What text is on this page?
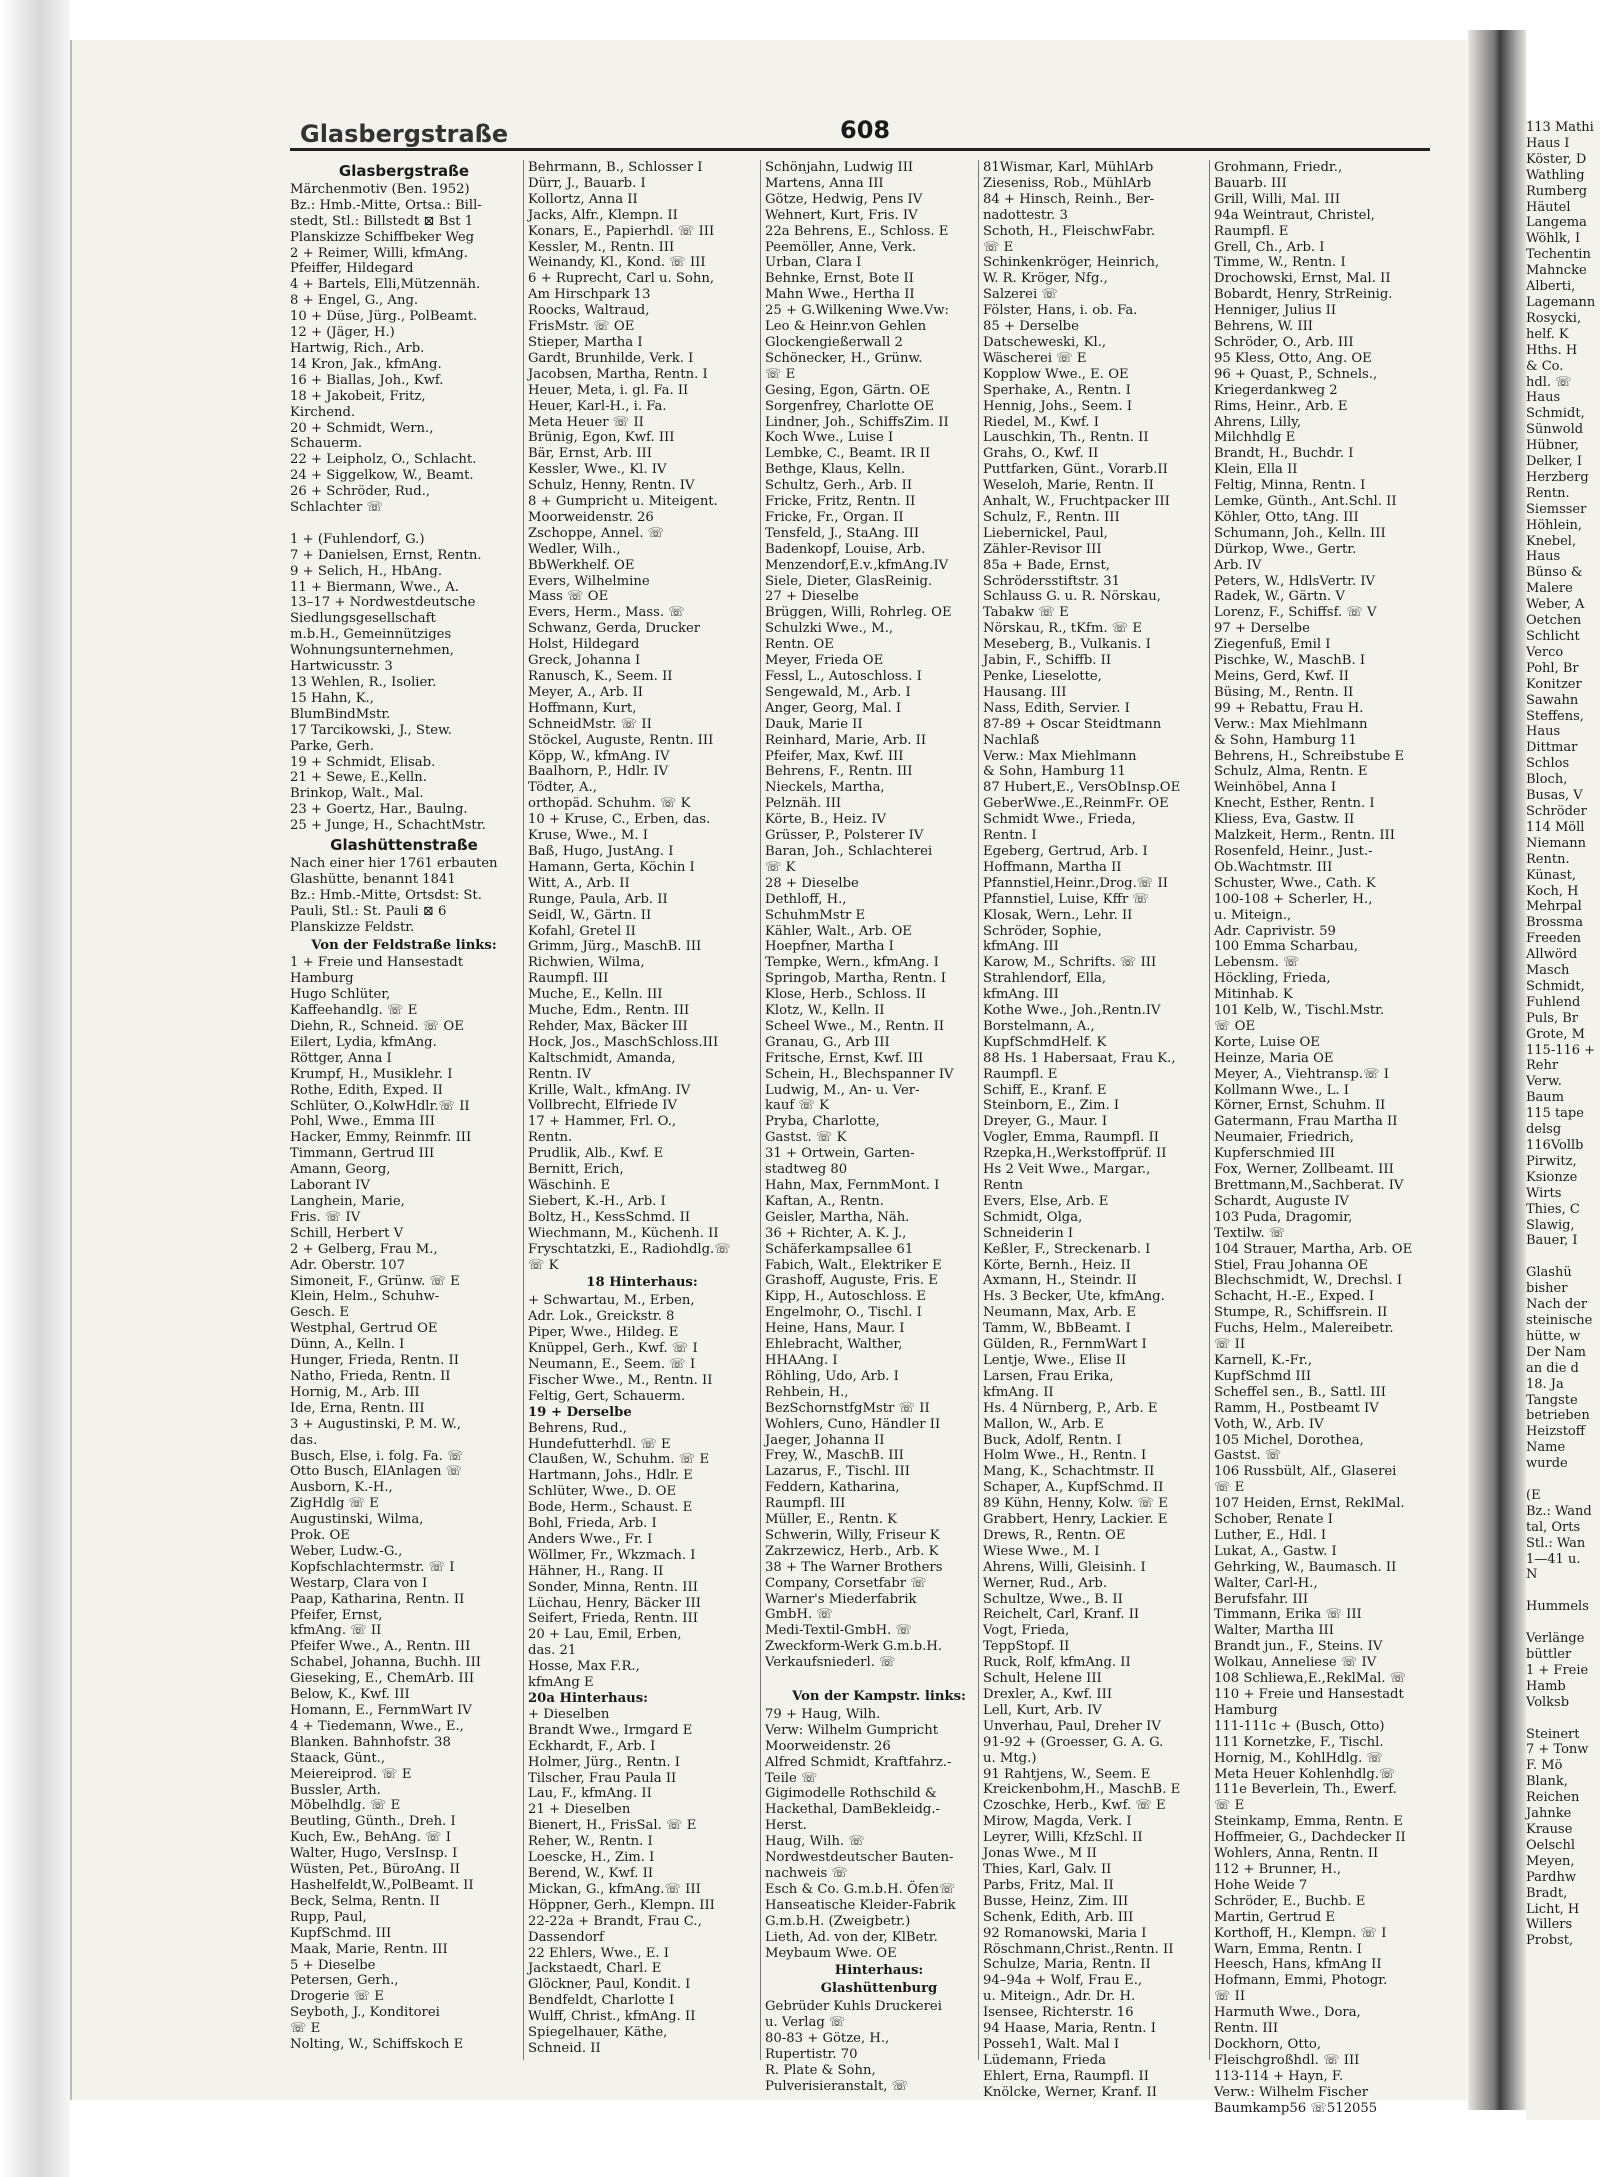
113 Mathi
Haus I
Köster, D
Wathling
Rumberg
Häutel
Langema
Wöhlk, I
Techentin
Mahncke
Alberti,
Lagemann
Rosycki,
helf. K
Hths. H
& Co.
hdl. ☏
Haus
Schmidt,
Sünwold
Hübner,
Delker, I
Herzberg
Rentn.
Siemsser
Höhlein,
Knebel,
Haus
Bünso &
Malere
Weber, A
Oetchen
Schlicht
Verco
Pohl, Br
Konitzer
Sawahn
Steffens,
Haus
Dittmar
Schlos
Bloch,
Busas, V
Schröder
114 Möll
Niemann
Rentn.
Künast,
Koch, H
Mehrpal
Brossma
Freeden
Allwörd
Masch
Schmidt,
Fuhlend
Puls, Br
Grote, M
115-116 +
Rehr
Verw.
Baum
115 tape
delsg
116Vollb
Pirwitz,
Ksionze
Wirts
Thies, C
Slawig,
Bauer, I

Glashü
bisher
Nach der
steinische
hütte, w
Der Nam
an die d
18. Ja
Tangste
betrieben
Heizstoff
Name
wurde

(E
Bz.: Wand
tal, Orts
Stl.: Wan
1—41 u.
N

Hummels

Verlänge
büttler
1 + Freie
Hamb
Volksb

Steinert
7 + Tonw
F. Mö
Blank,
Reichen
Jahnke
Krause
Oelschl
Meyen,
Pardhw
Bradt,
Licht, H
Willers
Probst,
Glasbergstraße	608
Glasbergstraße
Märchenmotiv (Ben. 1952)
Bz.: Hmb.-Mitte, Ortsa.: Bill-
stedt, Stl.: Billstedt ⊠ Bst 1
Planskizze Schiffbeker Weg
2 + Reimer, Willi, kfmAng.
Pfeiffer, Hildegard
4 + Bartels, Elli,Mützennäh.
8 + Engel, G., Ang.
10 + Düse, Jürg., PolBeamt.
12 + (Jäger, H.)
Hartwig, Rich., Arb.
14 Kron, Jak., kfmAng.
16 + Biallas, Joh., Kwf.
18 + Jakobeit, Fritz,
Kirchend.
20 + Schmidt, Wern.,
Schauerm.
22 + Leipholz, O., Schlacht.
24 + Siggelkow, W., Beamt.
26 + Schröder, Rud.,
Schlachter ☏

1 + (Fuhlendorf, G.)
7 + Danielsen, Ernst, Rentn.
9 + Selich, H., HbAng.
11 + Biermann, Wwe., A.
13–17 + Nordwestdeutsche
Siedlungsgesellschaft
m.b.H., Gemeinnütziges
Wohnungsunternehmen,
Hartwicusstr. 3
13 Wehlen, R., Isolier.
15 Hahn, K.,
BlumBindMstr.
17 Tarcikowski, J., Stew.
Parke, Gerh.
19 + Schmidt, Elisab.
21 + Sewe, E.,Kelln.
Brinkop, Walt., Mal.
23 + Goertz, Har., Baulng.
25 + Junge, H., SchachtMstr.
Glashüttenstraße
Nach einer hier 1761 erbauten
Glashütte, benannt 1841
Bz.: Hmb.-Mitte, Ortsdst: St.
Pauli, Stl.: St. Pauli ⊠ 6
Planskizze Feldstr.
Von der Feldstraße links:
1 + Freie und Hansestadt
Hamburg
Hugo Schlüter,
Kaffeehandlg. ☏ E
Diehn, R., Schneid. ☏ OE
Eilert, Lydia, kfmAng.
Röttger, Anna I
Krumpf, H., Musiklehr. I
Rothe, Edith, Exped. II
Schlüter, O.,KolwHdlr.☏ II
Pohl, Wwe., Emma III
Hacker, Emmy, Reinmfr. III
Timmann, Gertrud III
Amann, Georg,
Laborant IV
Langhein, Marie,
Fris. ☏ IV
Schill, Herbert V
2 + Gelberg, Frau M.,
Adr. Oberstr. 107
Simoneit, F., Grünw. ☏ E
Klein, Helm., Schuhw-
Gesch. E
Westphal, Gertrud OE
Dünn, A., Kelln. I
Hunger, Frieda, Rentn. II
Natho, Frieda, Rentn. II
Hornig, M., Arb. III
Ide, Erna, Rentn. III
3 + Augustinski, P. M. W.,
das.
Busch, Else, i. folg. Fa. ☏
Otto Busch, ElAnlagen ☏
Ausborn, K.-H.,
ZigHdlg ☏ E
Augustinski, Wilma,
Prok. OE
Weber, Ludw.-G.,
Kopfschlachtermstr. ☏ I
Westarp, Clara von I
Paap, Katharina, Rentn. II
Pfeifer, Ernst,
kfmAng. ☏ II
Pfeifer Wwe., A., Rentn. III
Schabel, Johanna, Buchh. III
Gieseking, E., ChemArb. III
Below, K., Kwf. III
Homann, E., FernmWart IV
4 + Tiedemann, Wwe., E.,
Blanken. Bahnhofstr. 38
Staack, Günt.,
Meiereiprod. ☏ E
Bussler, Arth.
Möbelhdlg. ☏ E
Beutling, Günth., Dreh. I
Kuch, Ew., BehAng. ☏ I
Walter, Hugo, VersInsp. I
Wüsten, Pet., BüroAng. II
Hashelfeldt,W.,PolBeamt. II
Beck, Selma, Rentn. II
Rupp, Paul,
KupfSchmd. III
Maak, Marie, Rentn. III
5 + Dieselbe
Petersen, Gerh.,
Drogerie ☏ E
Seyboth, J., Konditorei
☏ E
Nolting, W., Schiffskoch E
Behrmann, B., Schlosser I
Dürr, J., Bauarb. I
Kollortz, Anna II
Jacks, Alfr., Klempn. II
Konars, E., Papierhdl. ☏ III
Kessler, M., Rentn. III
Weinandy, Kl., Kond. ☏ III
6 + Ruprecht, Carl u. Sohn,
Am Hirschpark 13
Roocks, Waltraud,
FrisMstr. ☏ OE
Stieper, Martha I
Gardt, Brunhilde, Verk. I
Jacobsen, Martha, Rentn. I
Heuer, Meta, i. gl. Fa. II
Heuer, Karl-H., i. Fa.
Meta Heuer ☏ II
Brünig, Egon, Kwf. III
Bär, Ernst, Arb. III
Kessler, Wwe., Kl. IV
Schulz, Henny, Rentn. IV
8 + Gumpricht u. Miteigent.
Moorweidenstr. 26
Zschoppe, Annel. ☏
Wedler, Wilh.,
BbWerkhelf. OE
Evers, Wilhelmine
Mass ☏ OE
Evers, Herm., Mass. ☏
Schwanz, Gerda, Drucker
Holst, Hildegard
Greck, Johanna I
Ranusch, K., Seem. II
Meyer, A., Arb. II
Hoffmann, Kurt,
SchneidMstr. ☏ II
Stöckel, Auguste, Rentn. III
Köpp, W., kfmAng. IV
Baalhorn, P., Hdlr. IV
Tödter, A.,
orthopäd. Schuhm. ☏ K
10 + Kruse, C., Erben, das.
Kruse, Wwe., M. I
Baß, Hugo, JustAng. I
Hamann, Gerta, Köchin I
Witt, A., Arb. II
Runge, Paula, Arb. II
Seidl, W., Gärtn. II
Kofahl, Gretel II
Grimm, Jürg., MaschB. III
Richwien, Wilma,
Raumpfl. III
Muche, E., Kelln. III
Muche, Edm., Rentn. III
Rehder, Max, Bäcker III
Hock, Jos., MaschSchloss.III
Kaltschmidt, Amanda,
Rentn. IV
Krille, Walt., kfmAng. IV
Vollbrecht, Elfriede IV
17 + Hammer, Frl. O.,
Rentn.
Prudlik, Alb., Kwf. E
Bernitt, Erich,
Wäschinh. E
Siebert, K.-H., Arb. I
Boltz, H., KessSchmd. II
Wiechmann, M., Küchenh. II
Fryschtatzki, E., Radiohdlg.☏
☏ K
18 Hinterhaus:
+ Schwartau, M., Erben,
Adr. Lok., Greickstr. 8
Piper, Wwe., Hildeg. E
Knüppel, Gerh., Kwf. ☏ I
Neumann, E., Seem. ☏ I
Fischer Wwe., M., Rentn. II
Feltig, Gert, Schauerm.
19 + Derselbe
Behrens, Rud.,
Hundefutterhdl. ☏ E
Claußen, W., Schuhm. ☏ E
Hartmann, Johs., Hdlr. E
Schlüter, Wwe., D. OE
Bode, Herm., Schaust. E
Bohl, Frieda, Arb. I
Anders Wwe., Fr. I
Wöllmer, Fr., Wkzmach. I
Hähner, H., Rang. II
Sonder, Minna, Rentn. III
Lüchau, Henry, Bäcker III
Seifert, Frieda, Rentn. III
20 + Lau, Emil, Erben,
das. 21
Hosse, Max F.R.,
kfmAng E
20a Hinterhaus:
+ Dieselben
Brandt Wwe., Irmgard E
Eckhardt, F., Arb. I
Holmer, Jürg., Rentn. I
Tilscher, Frau Paula II
Lau, F., kfmAng. II
21 + Dieselben
Bienert, H., FrisSal. ☏ E
Reher, W., Rentn. I
Loescke, H., Zim. I
Berend, W., Kwf. II
Mickan, G., kfmAng.☏ III
Höppner, Gerh., Klempn. III
22-22a + Brandt, Frau C.,
Dassendorf
22 Ehlers, Wwe., E. I
Jackstaedt, Charl. E
Glöckner, Paul, Kondit. I
Bendfeldt, Charlotte I
Wulff, Christ., kfmAng. II
Spiegelhauer, Käthe,
Schneid. II
Schönjahn, Ludwig III
Martens, Anna III
Götze, Hedwig, Pens IV
Wehnert, Kurt, Fris. IV
22a Behrens, E., Schloss. E
Peemöller, Anne, Verk.
Urban, Clara I
Behnke, Ernst, Bote II
Mahn Wwe., Hertha II
25 + G.Wilkening Wwe.Vw:
Leo & Heinr.von Gehlen
Glockengießerwall 2
Schönecker, H., Grünw.
☏ E
Gesing, Egon, Gärtn. OE
Sorgenfrey, Charlotte OE
Lindner, Joh., SchiffsZim. II
Koch Wwe., Luise I
Lembke, C., Beamt. IR II
Bethge, Klaus, Kelln.
Schultz, Gerh., Arb. II
Fricke, Fritz, Rentn. II
Fricke, Fr., Organ. II
Tensfeld, J., StaAng. III
Badenkopf, Louise, Arb.
Menzendorf,E.v.,kfmAng.IV
Siele, Dieter, GlasReinig.
27 + Dieselbe
Brüggen, Willi, Rohrleg. OE
Schulzki Wwe., M.,
Rentn. OE
Meyer, Frieda OE
Fessl, L., Autoschloss. I
Sengewald, M., Arb. I
Anger, Georg, Mal. I
Dauk, Marie II
Reinhard, Marie, Arb. II
Pfeifer, Max, Kwf. III
Behrens, F., Rentn. III
Nieckels, Martha,
Pelznäh. III
Körte, B., Heiz. IV
Grüsser, P., Polsterer IV
Baran, Joh., Schlachterei
☏ K
28 + Dieselbe
Dethloff, H.,
SchuhmMstr E
Kähler, Walt., Arb. OE
Hoepfner, Martha I
Tempke, Wern., kfmAng. I
Springob, Martha, Rentn. I
Klose, Herb., Schloss. II
Klotz, W., Kelln. II
Scheel Wwe., M., Rentn. II
Granau, G., Arb III
Fritsche, Ernst, Kwf. III
Schein, H., Blechspanner IV
Ludwig, M., An- u. Ver-
kauf ☏ K
Pryba, Charlotte,
Gastst. ☏ K
31 + Ortwein, Garten-
stadtweg 80
Hahn, Max, FernmMont. I
Kaftan, A., Rentn.
Geisler, Martha, Näh.
36 + Richter, A. K. J.,
Schäferkampsallee 61
Fabich, Walt., Elektriker E
Grashoff, Auguste, Fris. E
Kipp, H., Autoschloss. E
Engelmohr, O., Tischl. I
Heine, Hans, Maur. I
Ehlebracht, Walther,
HHAAng. I
Röhling, Udo, Arb. I
Rehbein, H.,
BezSchornstfgMstr ☏ II
Wohlers, Cuno, Händler II
Jaeger, Johanna II
Frey, W., MaschB. III
Lazarus, F., Tischl. III
Feddern, Katharina,
Raumpfl. III
Müller, E., Rentn. K
Schwerin, Willy, Friseur K
Zakrzewicz, Herb., Arb. K
38 + The Warner Brothers
Company, Corsetfabr ☏
Warner's Miederfabrik
GmbH. ☏
Medi-Textil-GmbH. ☏
Zweckform-Werk G.m.b.H.
Verkaufsniederl. ☏

Von der Kampstr. links:
79 + Haug, Wilh.
Verw: Wilhelm Gumpricht
Moorweidenstr. 26
Alfred Schmidt, Kraftfahrz.-
Teile ☏
Gigimodelle Rothschild &
Hackethal, DamBekleidg.-
Herst.
Haug, Wilh. ☏
Nordwestdeutscher Bauten-
nachweis ☏
Esch & Co. G.m.b.H. Öfen☏
Hanseatische Kleider-Fabrik
G.m.b.H. (Zweigbetr.)
Lieth, Ad. von der, KlBetr.
Meybaum Wwe. OE
Hinterhaus:
Glashüttenburg
Gebrüder Kuhls Druckerei
u. Verlag ☏
80-83 + Götze, H.,
Rupertistr. 70
R. Plate & Sohn,
Pulverisieranstalt, ☏
81Wismar, Karl, MühlArb
Zieseniss, Rob., MühlArb
84 + Hinsch, Reinh., Ber-
nadottestr. 3
Schoth, H., FleischwFabr.
☏ E
Schinkenkröger, Heinrich,
W. R. Kröger, Nfg.,
Salzerei ☏
Fölster, Hans, i. ob. Fa.
85 + Derselbe
Datscheweski, Kl.,
Wäscherei ☏ E
Kopplow Wwe., E. OE
Sperhake, A., Rentn. I
Hennig, Johs., Seem. I
Riedel, M., Kwf. I
Lauschkin, Th., Rentn. II
Grahs, O., Kwf. II
Puttfarken, Günt., Vorarb.II
Weseloh, Marie, Rentn. II
Anhalt, W., Fruchtpacker III
Schulz, F., Rentn. III
Liebernickel, Paul,
Zähler-Revisor III
85a + Bade, Ernst,
Schrödersstiftstr. 31
Schlauss G. u. R. Nörskau,
Tabakw ☏ E
Nörskau, R., tKfm. ☏ E
Meseberg, B., Vulkanis. I
Jabin, F., Schiffb. II
Penke, Lieselotte,
Hausang. III
Nass, Edith, Servier. I
87-89 + Oscar Steidtmann
Nachlaß
Verw.: Max Miehlmann
& Sohn, Hamburg 11
87 Hubert,E., VersObInsp.OE
GeberWwe.,E.,ReinmFr. OE
Schmidt Wwe., Frieda,
Rentn. I
Egeberg, Gertrud, Arb. I
Hoffmann, Martha II
Pfannstiel,Heinr.,Drog.☏ II
Pfannstiel, Luise, Kffr ☏
Klosak, Wern., Lehr. II
Schröder, Sophie,
kfmAng. III
Karow, M., Schrifts. ☏ III
Strahlendorf, Ella,
kfmAng. III
Kothe Wwe., Joh.,Rentn.IV
Borstelmann, A.,
KupfSchmdHelf. K
88 Hs. 1 Habersaat, Frau K.,
Raumpfl. E
Schiff, E., Kranf. E
Steinborn, E., Zim. I
Dreyer, G., Maur. I
Vogler, Emma, Raumpfl. II
Rzepka,H.,Werkstoffprüf. II
Hs 2 Veit Wwe., Margar.,
Rentn
Evers, Else, Arb. E
Schmidt, Olga,
Schneiderin I
Keßler, F., Streckenarb. I
Körte, Bernh., Heiz. II
Axmann, H., Steindr. II
Hs. 3 Becker, Ute, kfmAng.
Neumann, Max, Arb. E
Tamm, W., BbBeamt. I
Gülden, R., FernmWart I
Lentje, Wwe., Elise II
Larsen, Frau Erika,
kfmAng. II
Hs. 4 Nürnberg, P., Arb. E
Mallon, W., Arb. E
Buck, Adolf, Rentn. I
Holm Wwe., H., Rentn. I
Mang, K., Schachtmstr. II
Schaper, A., KupfSchmd. II
89 Kühn, Henny, Kolw. ☏ E
Grabbert, Henry, Lackier. E
Drews, R., Rentn. OE
Wiese Wwe., M. I
Ahrens, Willi, Gleisinh. I
Werner, Rud., Arb.
Schultze, Wwe., B. II
Reichelt, Carl, Kranf. II
Vogt, Frieda,
TeppStopf. II
Ruck, Rolf, kfmAng. II
Schult, Helene III
Drexler, A., Kwf. III
Lell, Kurt, Arb. IV
Unverhau, Paul, Dreher IV
91-92 + (Groesser, G. A. G.
u. Mtg.)
91 Rahtjens, W., Seem. E
Kreickenbohm,H., MaschB. E
Czoschke, Herb., Kwf. ☏ E
Mirow, Magda, Verk. I
Leyrer, Willi, KfzSchl. II
Jonas Wwe., M II
Thies, Karl, Galv. II
Parbs, Fritz, Mal. II
Busse, Heinz, Zim. III
Schenk, Edith, Arb. III
92 Romanowski, Maria I
Röschmann,Christ.,Rentn. II
Schulze, Maria, Rentn. II
94–94a + Wolf, Frau E.,
u. Miteign., Adr. Dr. H.
Isensee, Richterstr. 16
94 Haase, Maria, Rentn. I
Posseh1, Walt. Mal I
Lüdemann, Frieda
Ehlert, Erna, Raumpfl. II
Knölcke, Werner, Kranf. II
Grohmann, Friedr.,
Bauarb. III
Grill, Willi, Mal. III
94a Weintraut, Christel,
Raumpfl. E
Grell, Ch., Arb. I
Timme, W., Rentn. I
Drochowski, Ernst, Mal. II
Bobardt, Henry, StrReinig.
Henniger, Julius II
Behrens, W. III
Schröder, O., Arb. III
95 Kless, Otto, Ang. OE
96 + Quast, P., Schnels.,
Kriegerdankweg 2
Rims, Heinr., Arb. E
Ahrens, Lilly,
Milchhdlg E
Brandt, H., Buchdr. I
Klein, Ella II
Feltig, Minna, Rentn. I
Lemke, Günth., Ant.Schl. II
Köhler, Otto, tAng. III
Schumann, Joh., Kelln. III
Dürkop, Wwe., Gertr.
Arb. IV
Peters, W., HdlsVertr. IV
Radek, W., Gärtn. V
Lorenz, F., Schiffsf. ☏ V
97 + Derselbe
Ziegenfuß, Emil I
Pischke, W., MaschB. I
Meins, Gerd, Kwf. II
Büsing, M., Rentn. II
99 + Rebattu, Frau H.
Verw.: Max Miehlmann
& Sohn, Hamburg 11
Behrens, H., Schreibstube E
Schulz, Alma, Rentn. E
Weinhöbel, Anna I
Knecht, Esther, Rentn. I
Kliess, Eva, Gastw. II
Malzkeit, Herm., Rentn. III
Rosenfeld, Heinr., Just.-
Ob.Wachtmstr. III
Schuster, Wwe., Cath. K
100-108 + Scherler, H.,
u. Miteign.,
Adr. Caprivistr. 59
100 Emma Scharbau,
Lebensm. ☏
Höckling, Frieda,
Mitinhab. K
101 Kelb, W., Tischl.Mstr.
☏ OE
Korte, Luise OE
Heinze, Maria OE
Meyer, A., Viehtransp.☏ I
Kollmann Wwe., L. I
Körner, Ernst, Schuhm. II
Gatermann, Frau Martha II
Neumaier, Friedrich,
Kupferschmied III
Fox, Werner, Zollbeamt. III
Brettmann,M.,Sachberat. IV
Schardt, Auguste IV
103 Puda, Dragomir,
Textilw. ☏
104 Strauer, Martha, Arb. OE
Stiel, Frau Johanna OE
Blechschmidt, W., Drechsl. I
Schacht, H.-E., Exped. I
Stumpe, R., Schiffsrein. II
Fuchs, Helm., Malereibetr.
☏ II
Karnell, K.-Fr.,
KupfSchmd III
Scheffel sen., B., Sattl. III
Ramm, H., Postbeamt IV
Voth, W., Arb. IV
105 Michel, Dorothea,
Gastst. ☏
106 Russbült, Alf., Glaserei
☏ E
107 Heiden, Ernst, ReklMal.
Schober, Renate I
Luther, E., Hdl. I
Lukat, A., Gastw. I
Gehrking, W., Baumasch. II
Walter, Carl-H.,
Berufsfahr. III
Timmann, Erika ☏ III
Walter, Martha III
Brandt jun., F., Steins. IV
Wolkau, Anneliese ☏ IV
108 Schliewa,E.,ReklMal. ☏
110 + Freie und Hansestadt
Hamburg
111-111c + (Busch, Otto)
111 Kornetzke, F., Tischl.
Hornig, M., KohlHdlg. ☏
Meta Heuer Kohlenhdlg.☏
111e Beverlein, Th., Ewerf.
☏ E
Steinkamp, Emma, Rentn. E
Hoffmeier, G., Dachdecker II
Wohlers, Anna, Rentn. II
112 + Brunner, H.,
Hohe Weide 7
Schröder, E., Buchb. E
Martin, Gertrud E
Korthoff, H., Klempn. ☏ I
Warn, Emma, Rentn. I
Heesch, Hans, kfmAng II
Hofmann, Emmi, Photogr.
☏ II
Harmuth Wwe., Dora,
Rentn. III
Dockhorn, Otto,
Fleischgroßhdl. ☏ III
113-114 + Hayn, F.
Verw.: Wilhelm Fischer
Baumkamp56 ☏512055
